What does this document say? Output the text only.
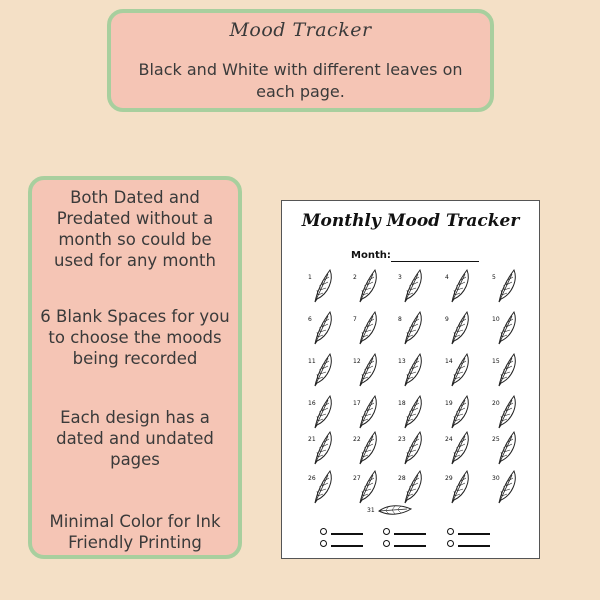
Mood Tracker
Black and White with different leaves on each page.
Both Dated and Predated without a month so could be used for any month
6 Blank Spaces for you to choose the moods being recorded
Each design has a dated and undated pages
Minimal Color for Ink Friendly Printing
Monthly Mood Tracker
Month:
1	2	3	4	5
6	7	8	9	10
11	12	13	14	15
16	17	18	19	20
21	22	23	24	25
26	27	28	29	30
31
